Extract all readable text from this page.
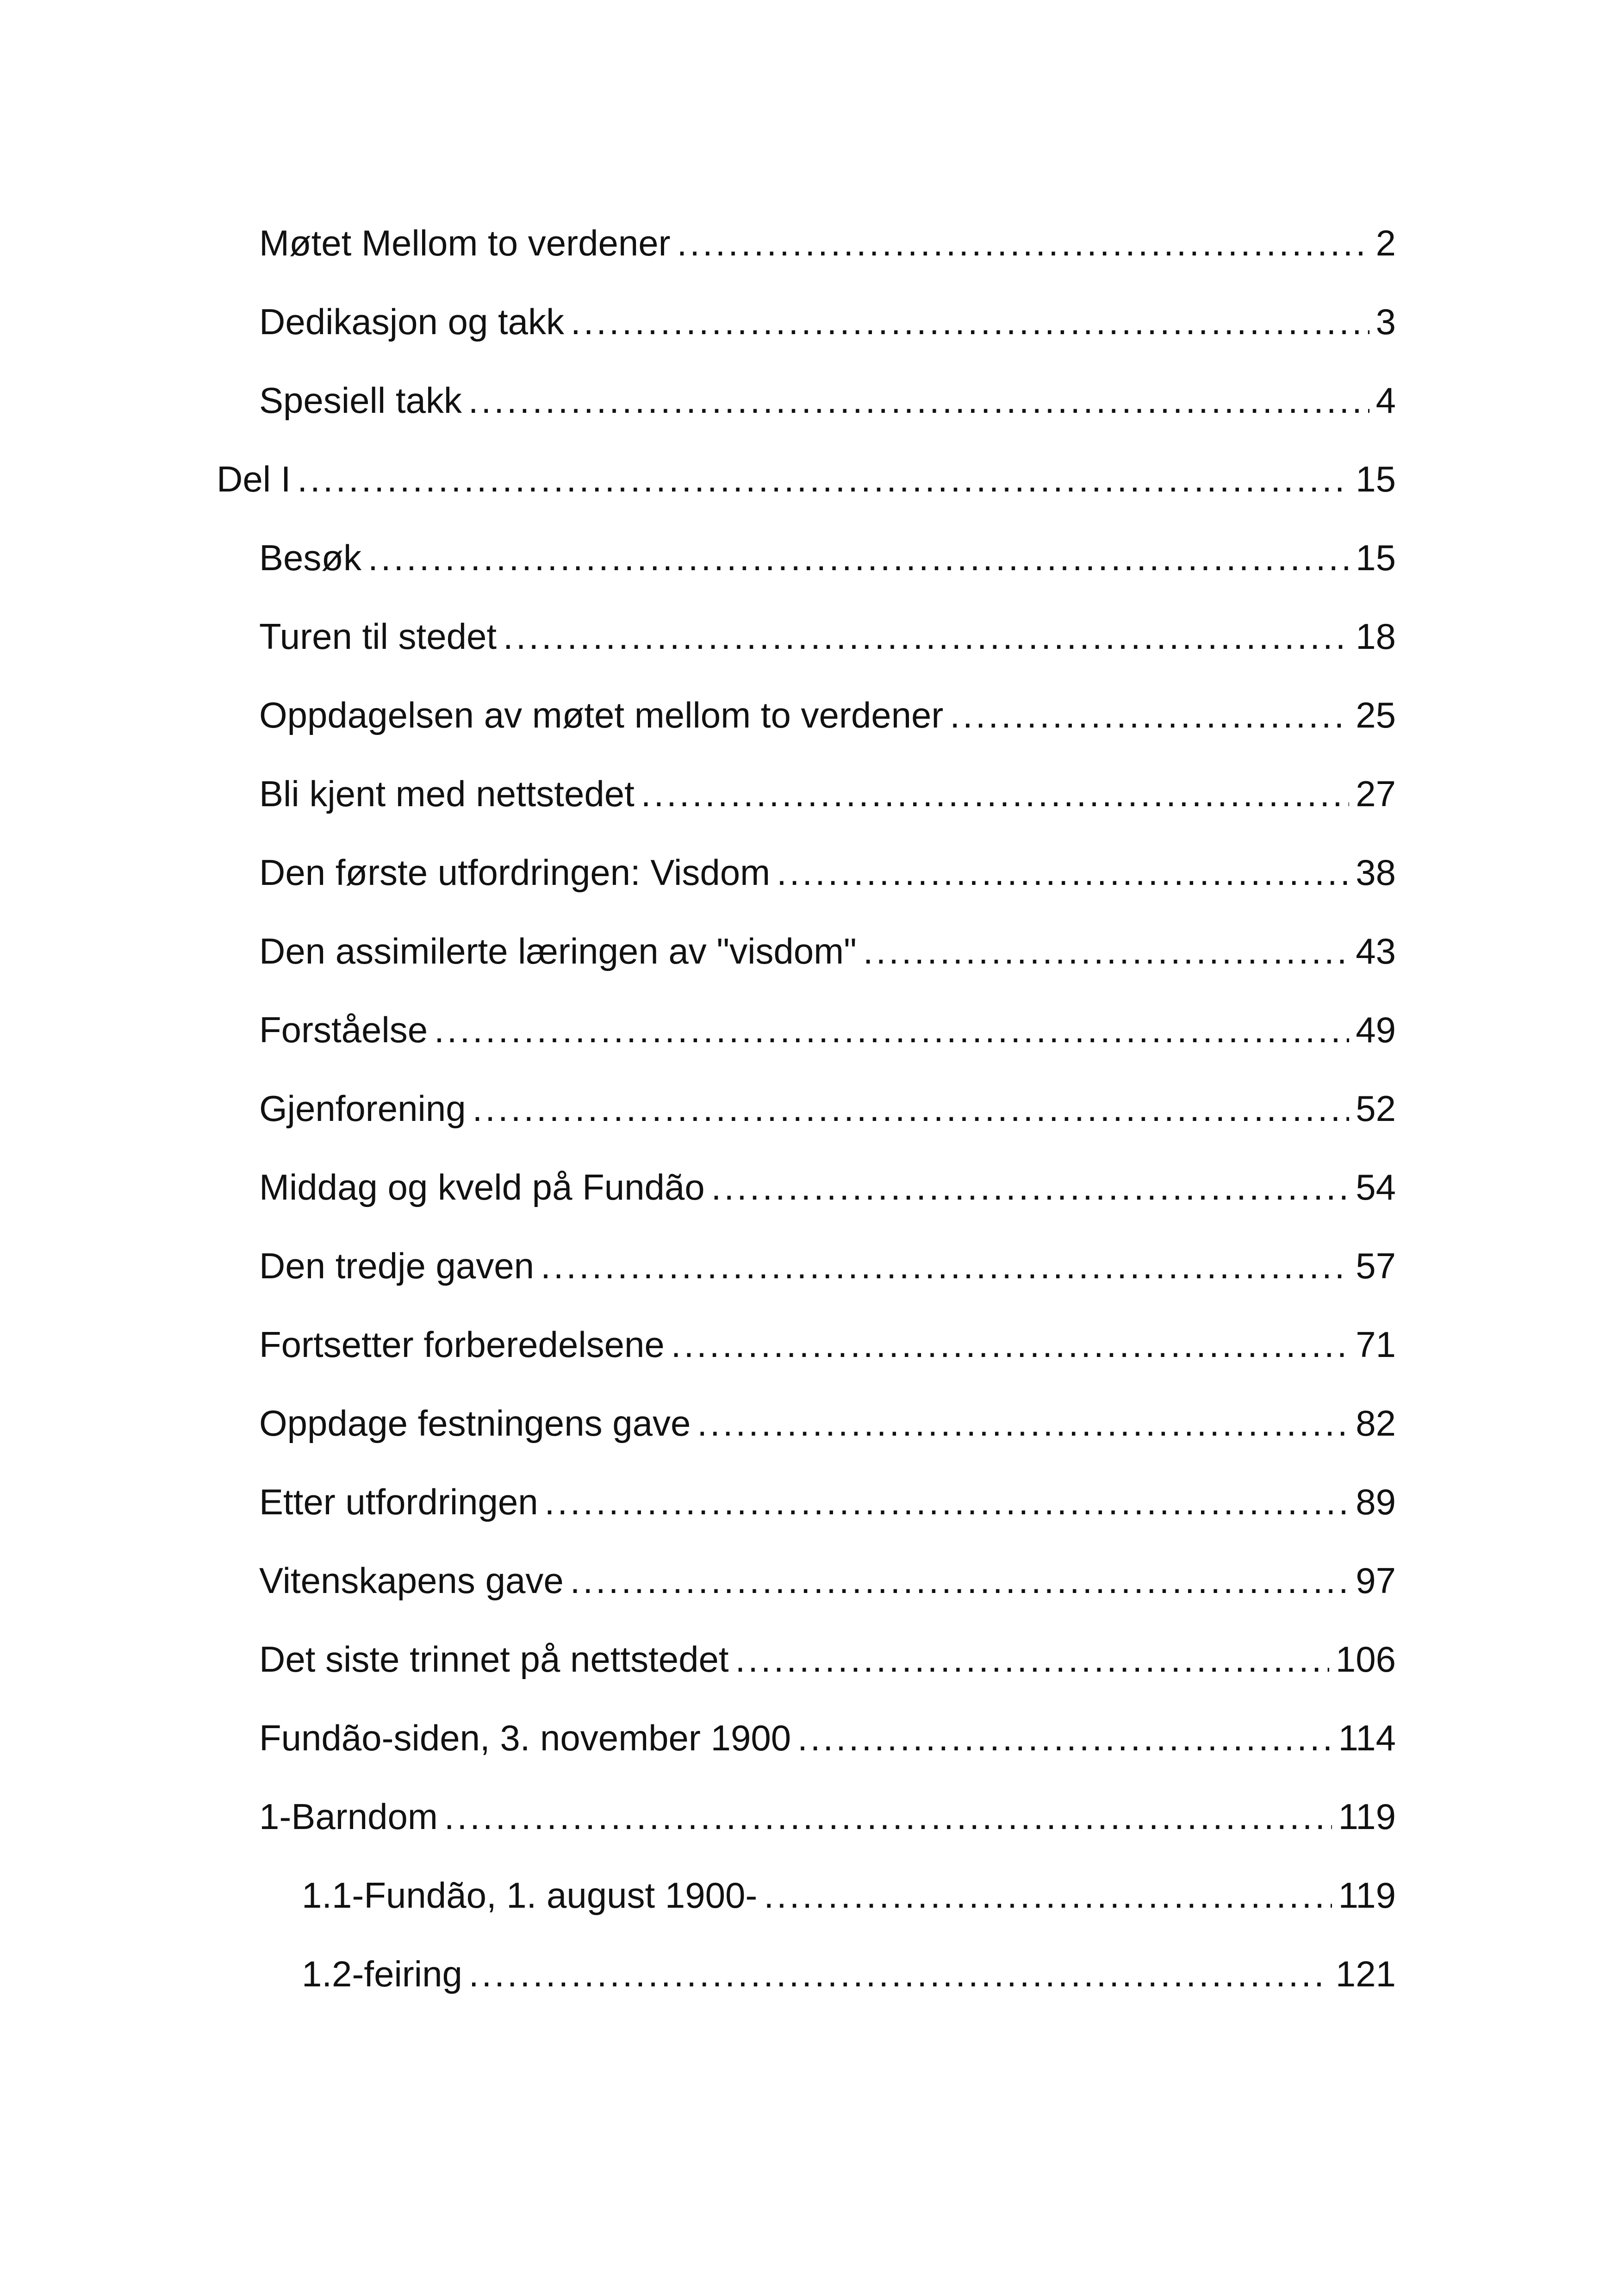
Møtet Mellom to verdener .....	2
Dedikasjon og takk .....	3
Spesiell takk .....	4
Del I .....	15
Besøk .....	15
Turen til stedet .....	18
Oppdagelsen av møtet mellom to verdener .....	25
Bli kjent med nettstedet .....	27
Den første utfordringen: Visdom .....	38
Den assimilerte læringen av "visdom" .....	43
Forståelse .....	49
Gjenforening .....	52
Middag og kveld på Fundão .....	54
Den tredje gaven .....	57
Fortsetter forberedelsene .....	71
Oppdage festningens gave .....	82
Etter utfordringen .....	89
Vitenskapens gave .....	97
Det siste trinnet på nettstedet .....	106
Fundão-siden, 3. november 1900 .....	114
1-Barndom .....	119
1.1-Fundão, 1. august 1900- .....	119
1.2-feiring .....	121
